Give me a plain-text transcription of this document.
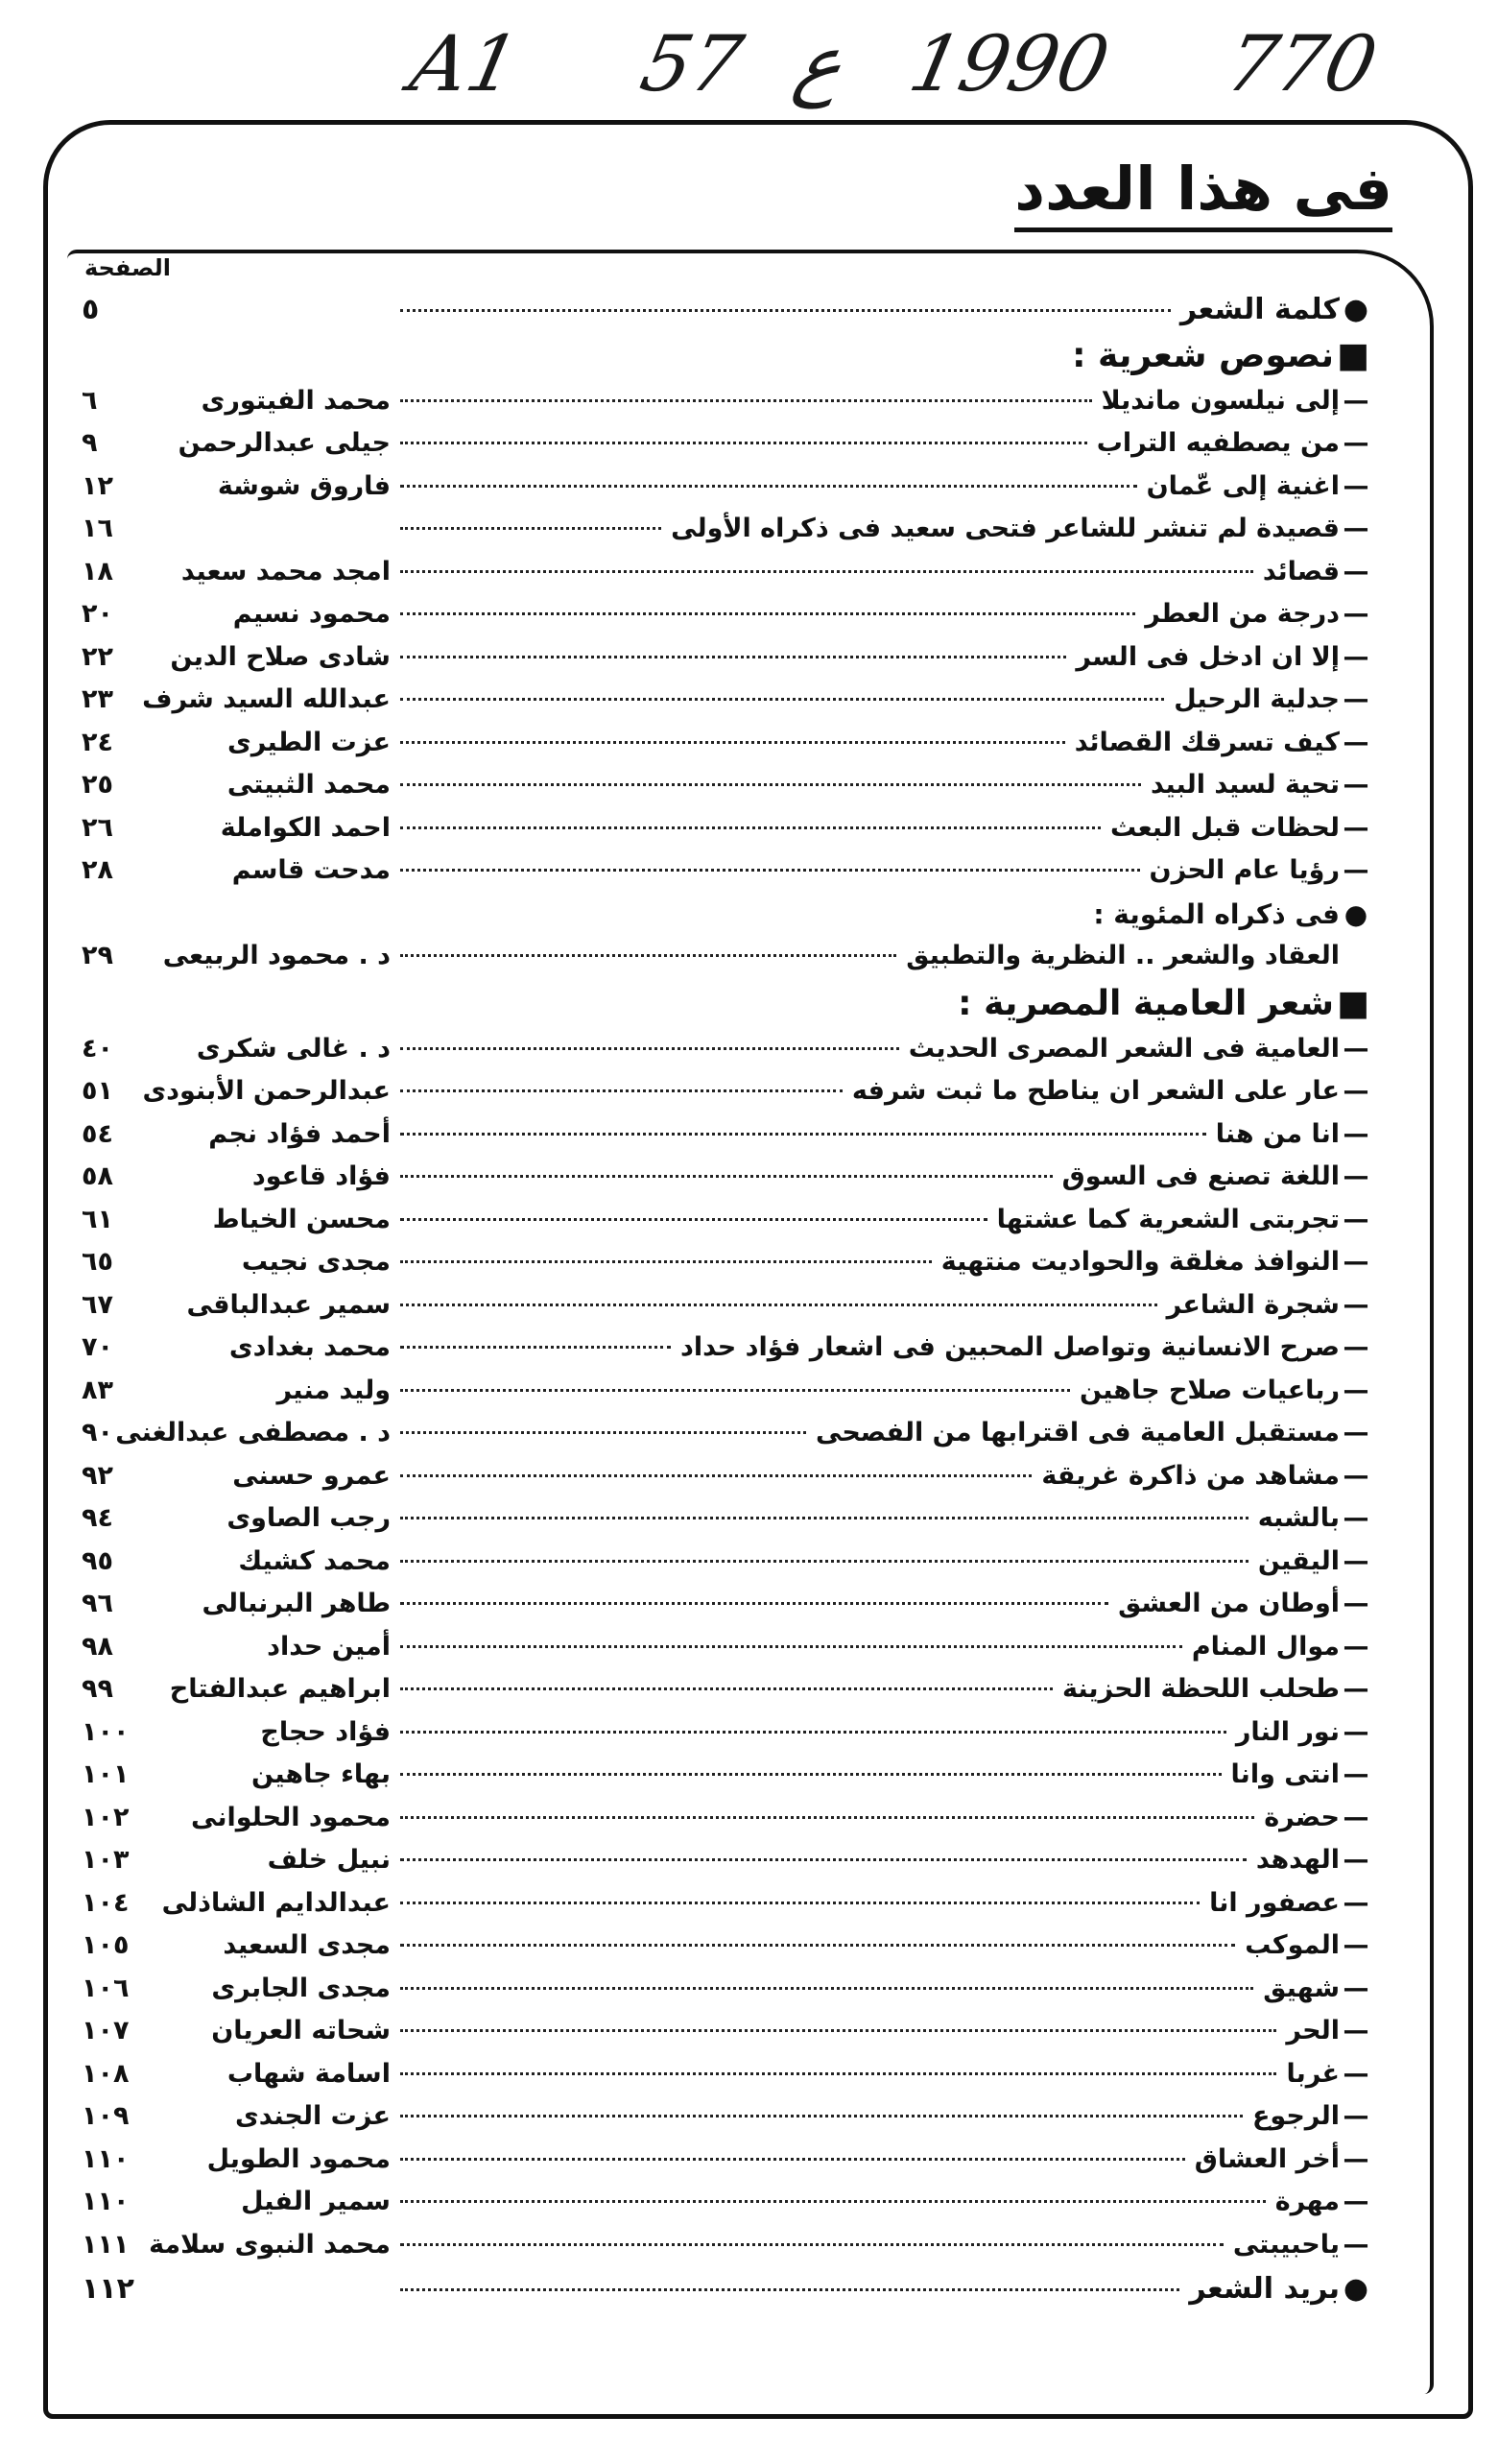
A1 57 ع 1990 770
فى هذا العدد
الصفحة
●
كلمة الشعر
٥
■
نصوص شعرية :
—
إلى نيلسون مانديلا
محمد الفيتورى
٦
—
من يصطفيه التراب
جيلى عبدالرحمن
٩
—
اغنية إلى عّمان
فاروق شوشة
١٢
—
قصيدة لم تنشر للشاعر فتحى سعيد فى ذكراه الأولى
١٦
—
قصائد
امجد محمد سعيد
١٨
—
درجة من العطر
محمود نسيم
٢٠
—
إلا ان ادخل فى السر
شادى صلاح الدين
٢٢
—
جدلية الرحيل
عبدالله السيد شرف
٢٣
—
كيف تسرقك القصائد
عزت الطيرى
٢٤
—
تحية لسيد البيد
محمد الثبيتى
٢٥
—
لحظات قبل البعث
احمد الكواملة
٢٦
—
رؤيا عام الحزن
مدحت قاسم
٢٨
●
فى ذكراه المئوية :
العقاد والشعر .. النظرية والتطبيق
د . محمود الربيعى
٢٩
■
شعر العامية المصرية :
—
العامية فى الشعر المصرى الحديث
د . غالى شكرى
٤٠
—
عار على الشعر ان يناطح ما ثبت شرفه
عبدالرحمن الأبنودى
٥١
—
انا من هنا
أحمد فؤاد نجم
٥٤
—
اللغة تصنع فى السوق
فؤاد قاعود
٥٨
—
تجربتى الشعرية كما عشتها
محسن الخياط
٦١
—
النوافذ مغلقة والحواديت منتهية
مجدى نجيب
٦٥
—
شجرة الشاعر
سمير عبدالباقى
٦٧
—
صرح الانسانية وتواصل المحبين فى اشعار فؤاد حداد
محمد بغدادى
٧٠
—
رباعيات صلاح جاهين
وليد منير
٨٣
—
مستقبل العامية فى اقترابها من الفصحى
د . مصطفى عبدالغنى
٩٠
—
مشاهد من ذاكرة غريقة
عمرو حسنى
٩٢
—
بالشبه
رجب الصاوى
٩٤
—
اليقين
محمد كشيك
٩٥
—
أوطان من العشق
طاهر البرنبالى
٩٦
—
موال المنام
أمين حداد
٩٨
—
طحلب اللحظة الحزينة
ابراهيم عبدالفتاح
٩٩
—
نور النار
فؤاد حجاج
١٠٠
—
انتى وانا
بهاء جاهين
١٠١
—
حضرة
محمود الحلوانى
١٠٢
—
الهدهد
نبيل خلف
١٠٣
—
عصفور انا
عبدالدايم الشاذلى
١٠٤
—
الموكب
مجدى السعيد
١٠٥
—
شهيق
مجدى الجابرى
١٠٦
—
الحر
شحاته العريان
١٠٧
—
غربا
اسامة شهاب
١٠٨
—
الرجوع
عزت الجندى
١٠٩
—
أخر العشاق
محمود الطويل
١١٠
—
مهرة
سمير الفيل
١١٠
—
ياحبيبتى
محمد النبوى سلامة
١١١
●
بريد الشعر
١١٢
